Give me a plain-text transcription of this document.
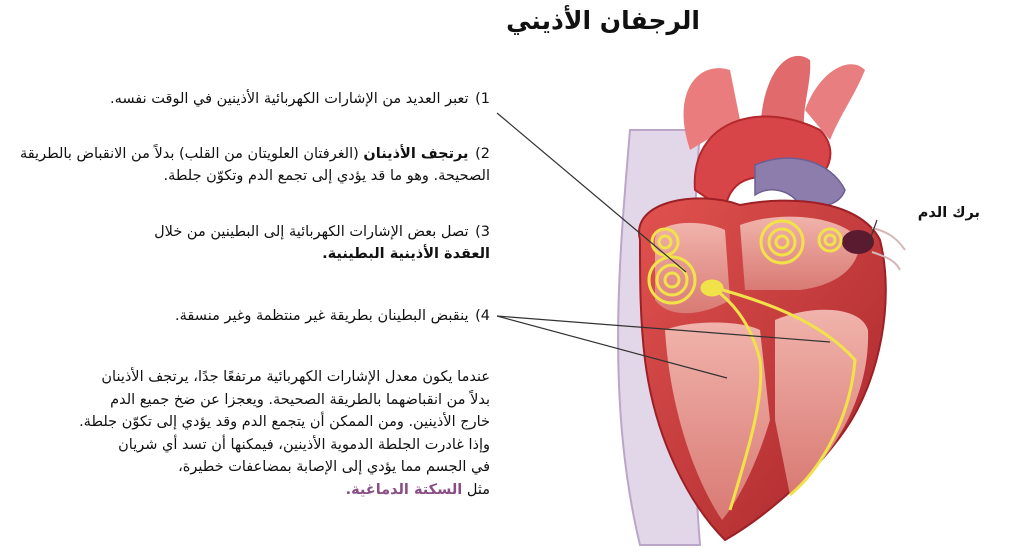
الرجفان الأذيني

1) تعبر العديد من الإشارات الكهربائية الأذينين في الوقت نفسه.

2) يرتجف الأذينان (الغرفتان العلويتان من القلب) بدلاً من الانقباض بالطريقة الصحيحة. وهو ما قد يؤدي إلى تجمع الدم وتكوّن جلطة.

3) تصل بعض الإشارات الكهربائية إلى البطينين من خلال
العقدة الأذينية البطينية.

4) ينقبض البطينان بطريقة غير منتظمة وغير منسقة.

عندما يكون معدل الإشارات الكهربائية مرتفعًا جدًا، يرتجف الأذينان
بدلاً من انقباضهما بالطريقة الصحيحة. ويعجزا عن ضخ جميع الدم
خارج الأذينين. ومن الممكن أن يتجمع الدم وقد يؤدي إلى تكوّن جلطة.
وإذا غادرت الجلطة الدموية الأذينين، فيمكنها أن تسد أي شريان
في الجسم مما يؤدي إلى الإصابة بمضاعفات خطيرة،
مثل السكتة الدماغية.

برك الدم
